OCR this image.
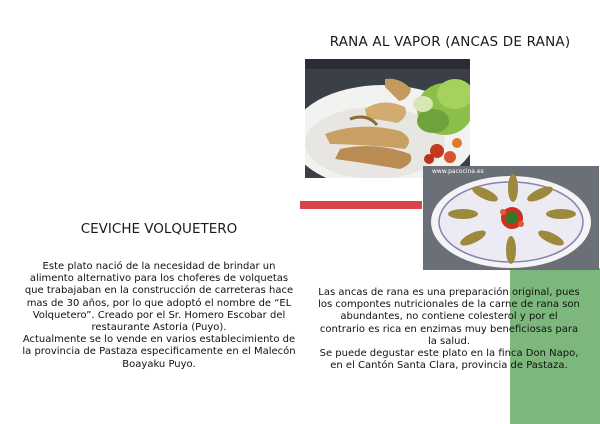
RANA AL VAPOR (ANCAS DE RANA)
www.pacocina.es
CEVICHE VOLQUETERO

Este plato nació de la necesidad de brindar un alimento alternativo para los choferes de volquetas que trabajaban en la construcción de carreteras hace mas de 30 años, por lo que adoptó el nombre de “EL Volquetero”. Creado por el Sr. Homero Escobar del restaurante Astoria (Puyo).

Actualmente se lo vende en varios establecimiento de la provincia de Pastaza especificamente en el Malecón Boayaku Puyo.

Las ancas de rana es una preparación original, pues los compontes nutricionales de la carne de rana son abundantes, no contiene colesterol y por el contrario es rica en enzimas muy beneficiosas para la salud.

Se puede degustar este plato en la finca Don Napo, en el Cantón Santa Clara, provincia de Pastaza.
